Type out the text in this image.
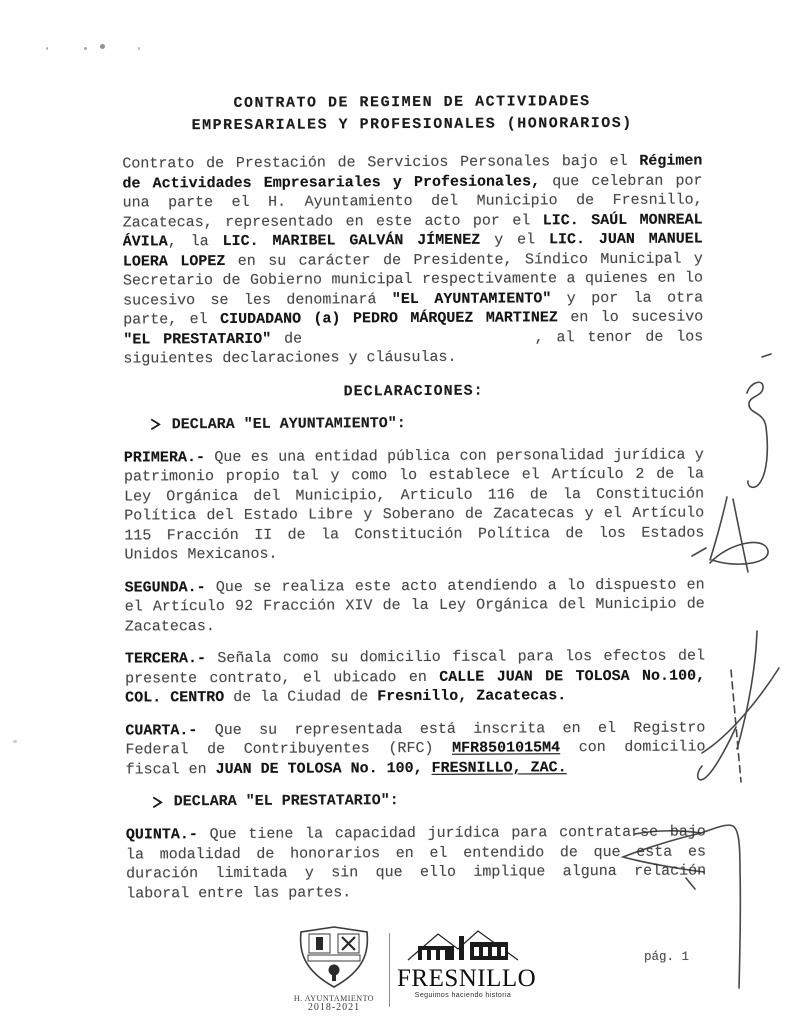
CONTRATO DE REGIMEN DE ACTIVIDADES
EMPRESARIALES Y PROFESIONALES (HONORARIOS)

Contrato de Prestación de Servicios Personales bajo el Régimen de Actividades Empresariales y Profesionales, que celebran por una parte el H. Ayuntamiento del Municipio de Fresnillo, Zacatecas, representado en este acto por el LIC. SAÚL MONREAL ÁVILA, la LIC. MARIBEL GALVÁN JÍMENEZ y el LIC. JUAN MANUEL LOERA LOPEZ en su carácter de Presidente, Síndico Municipal y Secretario de Gobierno municipal respectivamente a quienes en lo sucesivo se les denominará "EL AYUNTAMIENTO" y por la otra parte, el CIUDADANO (a) PEDRO MÁRQUEZ MARTINEZ en lo sucesivo "EL PRESTATARIO" de                  , al tenor de los siguientes declaraciones y cláusulas.

DECLARACIONES:
DECLARA "EL AYUNTAMIENTO":

PRIMERA.- Que es una entidad pública con personalidad jurídica y patrimonio propio tal y como lo establece el Artículo 2 de la Ley Orgánica del Municipio, Articulo 116 de la Constitución Política del Estado Libre y Soberano de Zacatecas y el Artículo 115 Fracción II de la Constitución Política de los Estados Unidos Mexicanos.

SEGUNDA.- Que se realiza este acto atendiendo a lo dispuesto en el Artículo 92 Fracción XIV de la Ley Orgánica del Municipio de Zacatecas.

TERCERA.- Señala como su domicilio fiscal para los efectos del presente contrato, el ubicado en CALLE JUAN DE TOLOSA No.100, COL. CENTRO de la Ciudad de Fresnillo, Zacatecas.

CUARTA.- Que su representada está inscrita en el Registro Federal de Contribuyentes (RFC) MFR8501015M4 con domicilio fiscal en JUAN DE TOLOSA No. 100, FRESNILLO, ZAC.

DECLARA "EL PRESTATARIO":

QUINTA.- Que tiene la capacidad jurídica para contratarse bajo la modalidad de honorarios en el entendido de que esta es duración limitada y sin que ello implique alguna relación laboral entre las partes.

H. AYUNTAMIENTO
2018-2021
FRESNILLO
Seguimos haciendo historia
pág. 1
